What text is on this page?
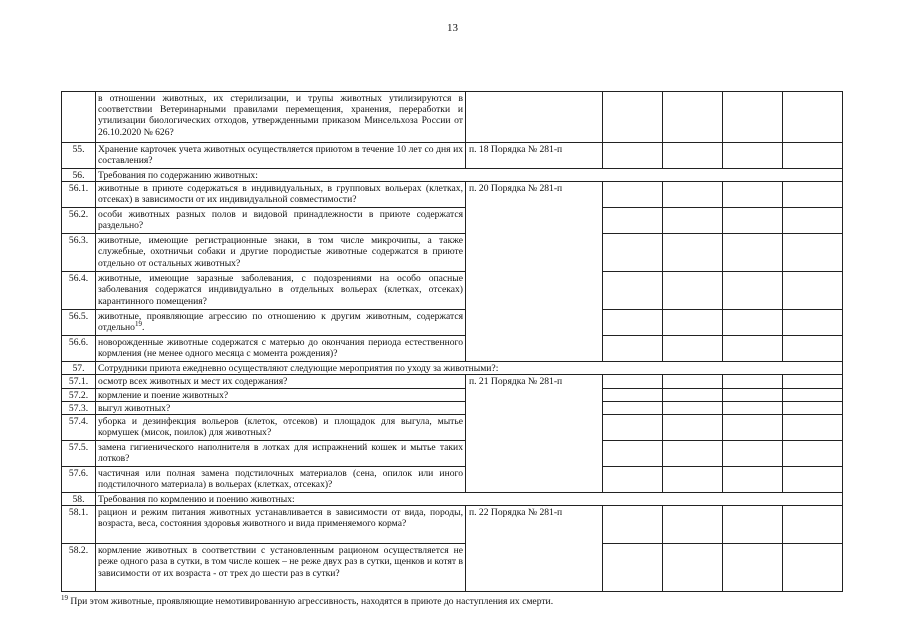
13
	в отношении животных, их стерилизации, и трупы животных утилизируются в соответствии Ветеринарными правилами перемещения, хранения, переработки и утилизации биологических отходов, утвержденными приказом Минсельхоза России от 26.10.2020 № 626?					
55.	Хранение карточек учета животных осуществляется приютом в течение 10 лет со дня их составления?	п. 18 Порядка № 281-п				
56.	Требования по содержанию животных:					
56.1.	животные в приюте содержаться в индивидуальных, в групповых вольерах (клетках, отсеках) в зависимости от их индивидуальной совместимости?	п. 20 Порядка № 281-п				
56.2.	особи животных разных полов и видовой принадлежности в приюте содержатся раздельно?					
56.3.	животные, имеющие регистрационные знаки, в том числе микрочипы, а также служебные, охотничьи собаки и другие породистые животные содержатся в приюте отдельно от остальных животных?					
56.4.	животные, имеющие заразные заболевания, с подозрениями на особо опасные заболевания содержатся индивидуально в отдельных вольерах (клетках, отсеках) карантинного помещения?					
56.5.	животные, проявляющие агрессию по отношению к другим животным, содержатся отдельно$^{19}$.					
56.6.	новорожденные животные содержатся с матерью до окончания периода естественного кормления (не менее одного месяца с момента рождения)?					
57.	Сотрудники приюта ежедневно осуществляют следующие мероприятия по уходу за животными?:					
57.1.	осмотр всех животных и мест их содержания?	п. 21 Порядка № 281-п				
57.2.	кормление и поение животных?					
57.3.	выгул животных?					
57.4.	уборка и дезинфекция вольеров (клеток, отсеков) и площадок для выгула, мытье кормушек (мисок, поилок) для животных?					
57.5.	замена гигиенического наполнителя в лотках для испражнений кошек и мытье таких лотков?					
57.6.	частичная или полная замена подстилочных материалов (сена, опилок или иного подстилочного материала) в вольерах (клетках, отсеках)?					
58.	Требования по кормлению и поению животных:					
58.1.	рацион и режим питания животных устанавливается в зависимости от вида, породы, возраста, веса, состояния здоровья животного и вида применяемого корма?	п. 22 Порядка № 281-п				
58.2.	кормление животных в соответствии с установленным рационом осуществляется не реже одного раза в сутки, в том числе кошек – не реже двух раз в сутки, щенков и котят в зависимости от их возраста - от трех до шести раз в сутки?					
$^{19}$ При этом животные, проявляющие немотивированную агрессивность, находятся в приюте до наступления их смерти.
